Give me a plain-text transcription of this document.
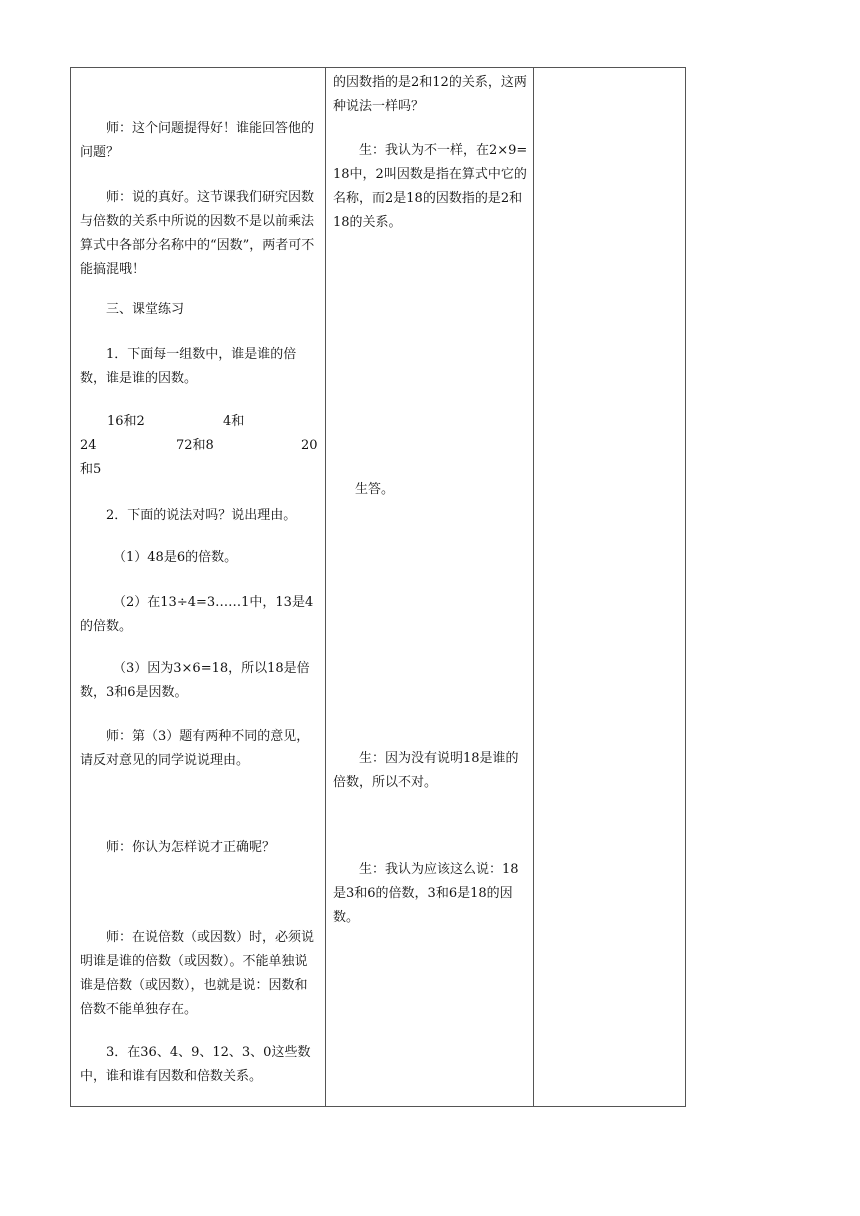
师：这个问题提得好！谁能回答他的问题？

师：说的真好。这节课我们研究因数与倍数的关系中所说的因数不是以前乘法算式中各部分名称中的“因数”，两者可不能搞混哦！

三、课堂练习

1．下面每一组数中，谁是谁的倍数，谁是谁的因数。

16和2	4和
24	72和8	20
和5

2．下面的说法对吗？说出理由。

（1）48是6的倍数。

（2）在13÷4=3……1中，13是4的倍数。

（3）因为3×6=18，所以18是倍数，3和6是因数。

师：第（3）题有两种不同的意见，请反对意见的同学说说理由。

师：你认为怎样说才正确呢？

师：在说倍数（或因数）时，必须说明谁是谁的倍数（或因数）。不能单独说谁是倍数（或因数），也就是说：因数和倍数不能单独存在。

3．在36、4、9、12、3、0这些数中，谁和谁有因数和倍数关系。

的因数指的是2和12的关系，这两种说法一样吗？

生：我认为不一样，在2×9=18中，2叫因数是指在算式中它的名称，而2是18的因数指的是2和18的关系。

生答。

生：因为没有说明18是谁的倍数，所以不对。

生：我认为应该这么说：18是3和6的倍数，3和6是18的因数。
